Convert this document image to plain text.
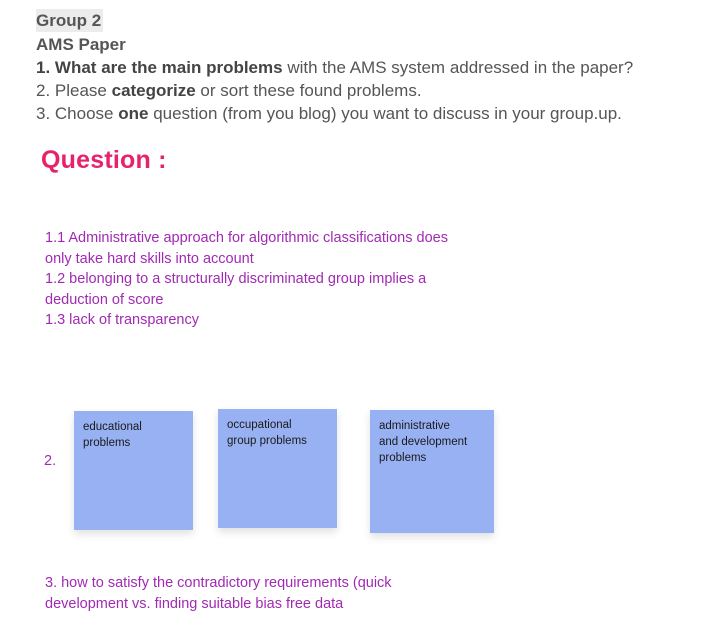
Group 2
AMS Paper
1. What are the main problems with the AMS system addressed in the paper?
2. Please categorize or sort these found problems.
3. Choose one question (from you blog) you want to discuss in your group.up.
Question :
1.1 Administrative approach for algorithmic classifications does
only take hard skills into account
1.2 belonging to a structurally discriminated group implies a
deduction of score
1.3 lack of transparency
2.
educational
problems
occupational
group problems
administrative
and development
problems
3. how to satisfy the contradictory requirements (quick
development vs. finding suitable bias free data
